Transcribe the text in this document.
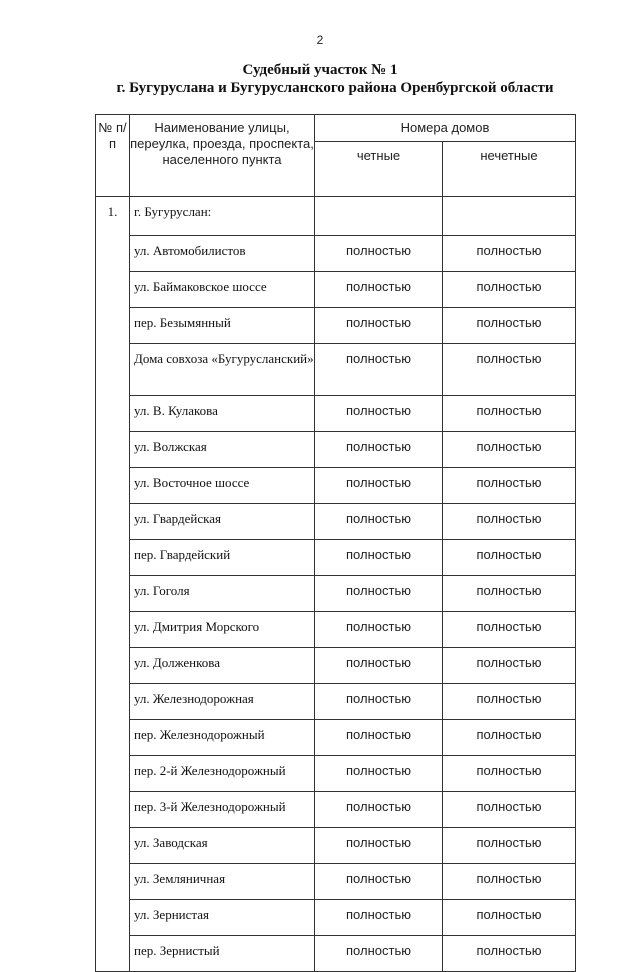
2
Судебный участок № 1
г. Бугуруслана и Бугурусланского района Оренбургской области
№ п/п	Наименование улицы, переулка, проезда, проспекта, населенного пункта	Номера домов	
		четные	нечетные
1.	г. Бугуруслан:		
	ул. Автомобилистов	полностью	полностью
	ул. Баймаковское шоссе	полностью	полностью
	пер. Безымянный	полностью	полностью
	Дома совхоза «Бугурусланский»	полностью	полностью
	ул. В. Кулакова	полностью	полностью
	ул. Волжская	полностью	полностью
	ул. Восточное шоссе	полностью	полностью
	ул. Гвардейская	полностью	полностью
	пер. Гвардейский	полностью	полностью
	ул. Гоголя	полностью	полностью
	ул. Дмитрия Морского	полностью	полностью
	ул. Долженкова	полностью	полностью
	ул. Железнодорожная	полностью	полностью
	пер. Железнодорожный	полностью	полностью
	пер. 2-й Железнодорожный	полностью	полностью
	пер. 3-й Железнодорожный	полностью	полностью
	ул. Заводская	полностью	полностью
	ул. Земляничная	полностью	полностью
	ул. Зернистая	полностью	полностью
	пер. Зернистый	полностью	полностью
